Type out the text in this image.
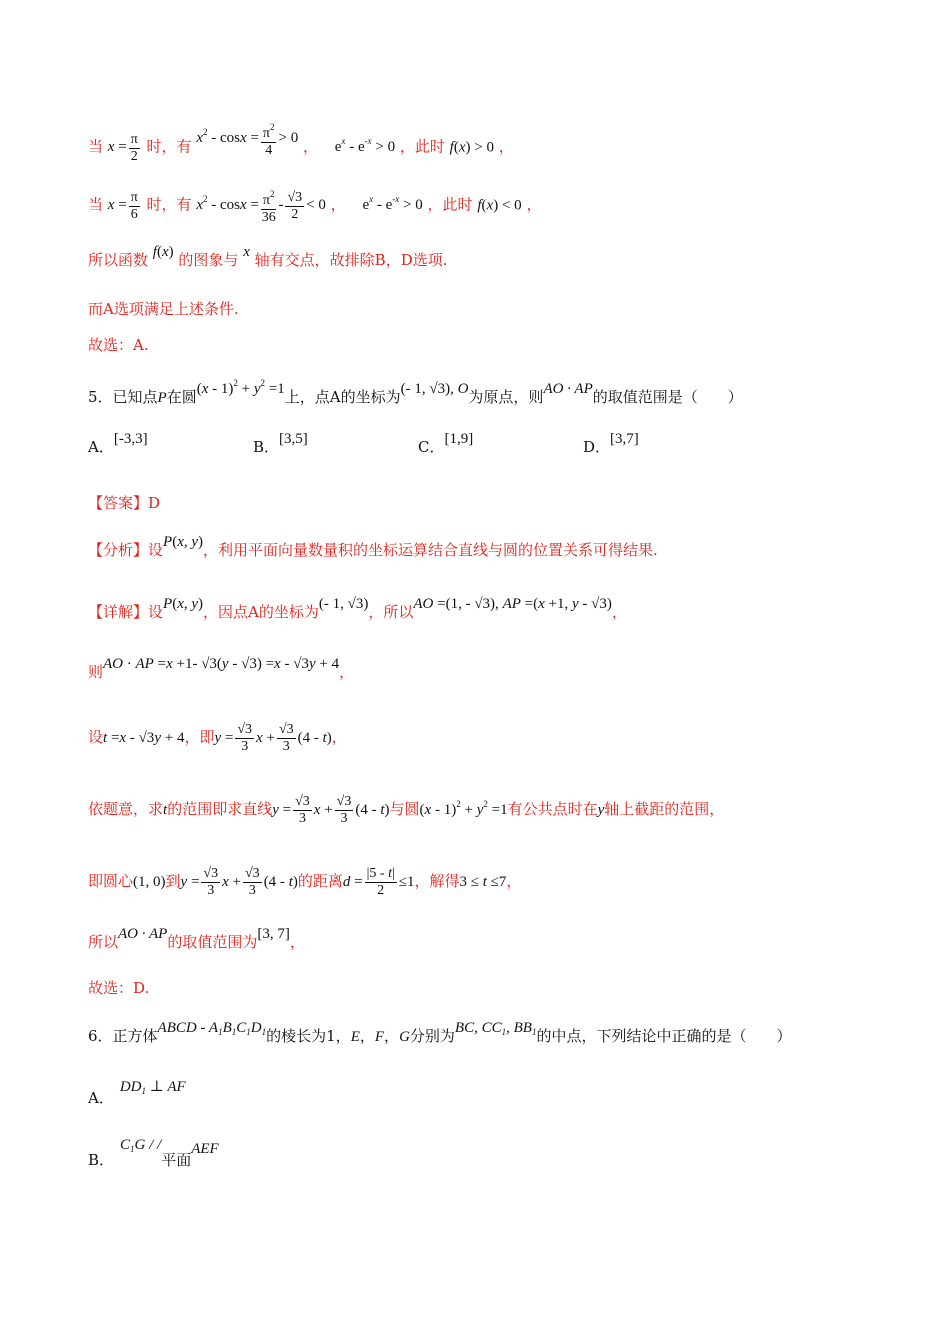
当 $x = \frac{\pi}{2}$ 时，有 $x^2 - \cos x = \frac{\pi^2}{4} > 0$ ， $e^x - e^{-x} > 0$ ，此时 f(x) > 0 ，
当 $x = \frac{\pi}{6}$ 时，有 $x^2 - \cos x = \frac{\pi^2}{36} - \frac{√3}{2} < 0$ ， $e^x - e^{-x} > 0$ ，此时 f(x) < 0 ，
所以函数 f(x) 的图象与 x 轴有交点，故排除B，D选项.
而A选项满足上述条件.
故选：A.
5．已知点P在圆$(x - 1)^2 + y^2 =1$上，点A的坐标为(- 1, √3), O为原点，则AO · AP的取值范围是（　　）
A．[-3,3]	B．[3,5]	C．[1,9]	D．[3,7]
【答案】D
【分析】设P(x, y)，利用平面向量数量积的坐标运算结合直线与圆的位置关系可得结果.
【详解】设P(x, y)，因点A的坐标为(- 1, √3)，所以AO =(1, - √3), AP =(x +1, y - √3)，
则AO · AP =x +1- √3(y - √3) =x - √3y + 4，
设t =x - √3y + 4，即$y = \frac{√3}{3}$ $x + \frac{√3}{3} (4 - t)$，
依题意，求t的范围即求直线$y = \frac{√3}{3}$ $x + \frac{√3}{3} (4 - t)$与圆$(x - 1)^2 + y^2 =1$有公共点时在y轴上截距的范围，
即圆心(1, 0)到$y = \frac{√3}{3}$ $x + \frac{√3}{3} (4 - t)$的距离$d = \frac{|5 - t|}{2} \le 1$，解得3 ≤ t ≤7，
所以AO · AP的取值范围为[3, 7]，
故选：D.
6．正方体ABCD - $A_1B_1C_1D_1$的棱长为1，E，F，G分别为BC, $CC_1$, $BB_1$的中点，下列结论中正确的是（　　）
A．$DD_1$ ⊥ AF
B．$C_1G$ / /平面AEF
